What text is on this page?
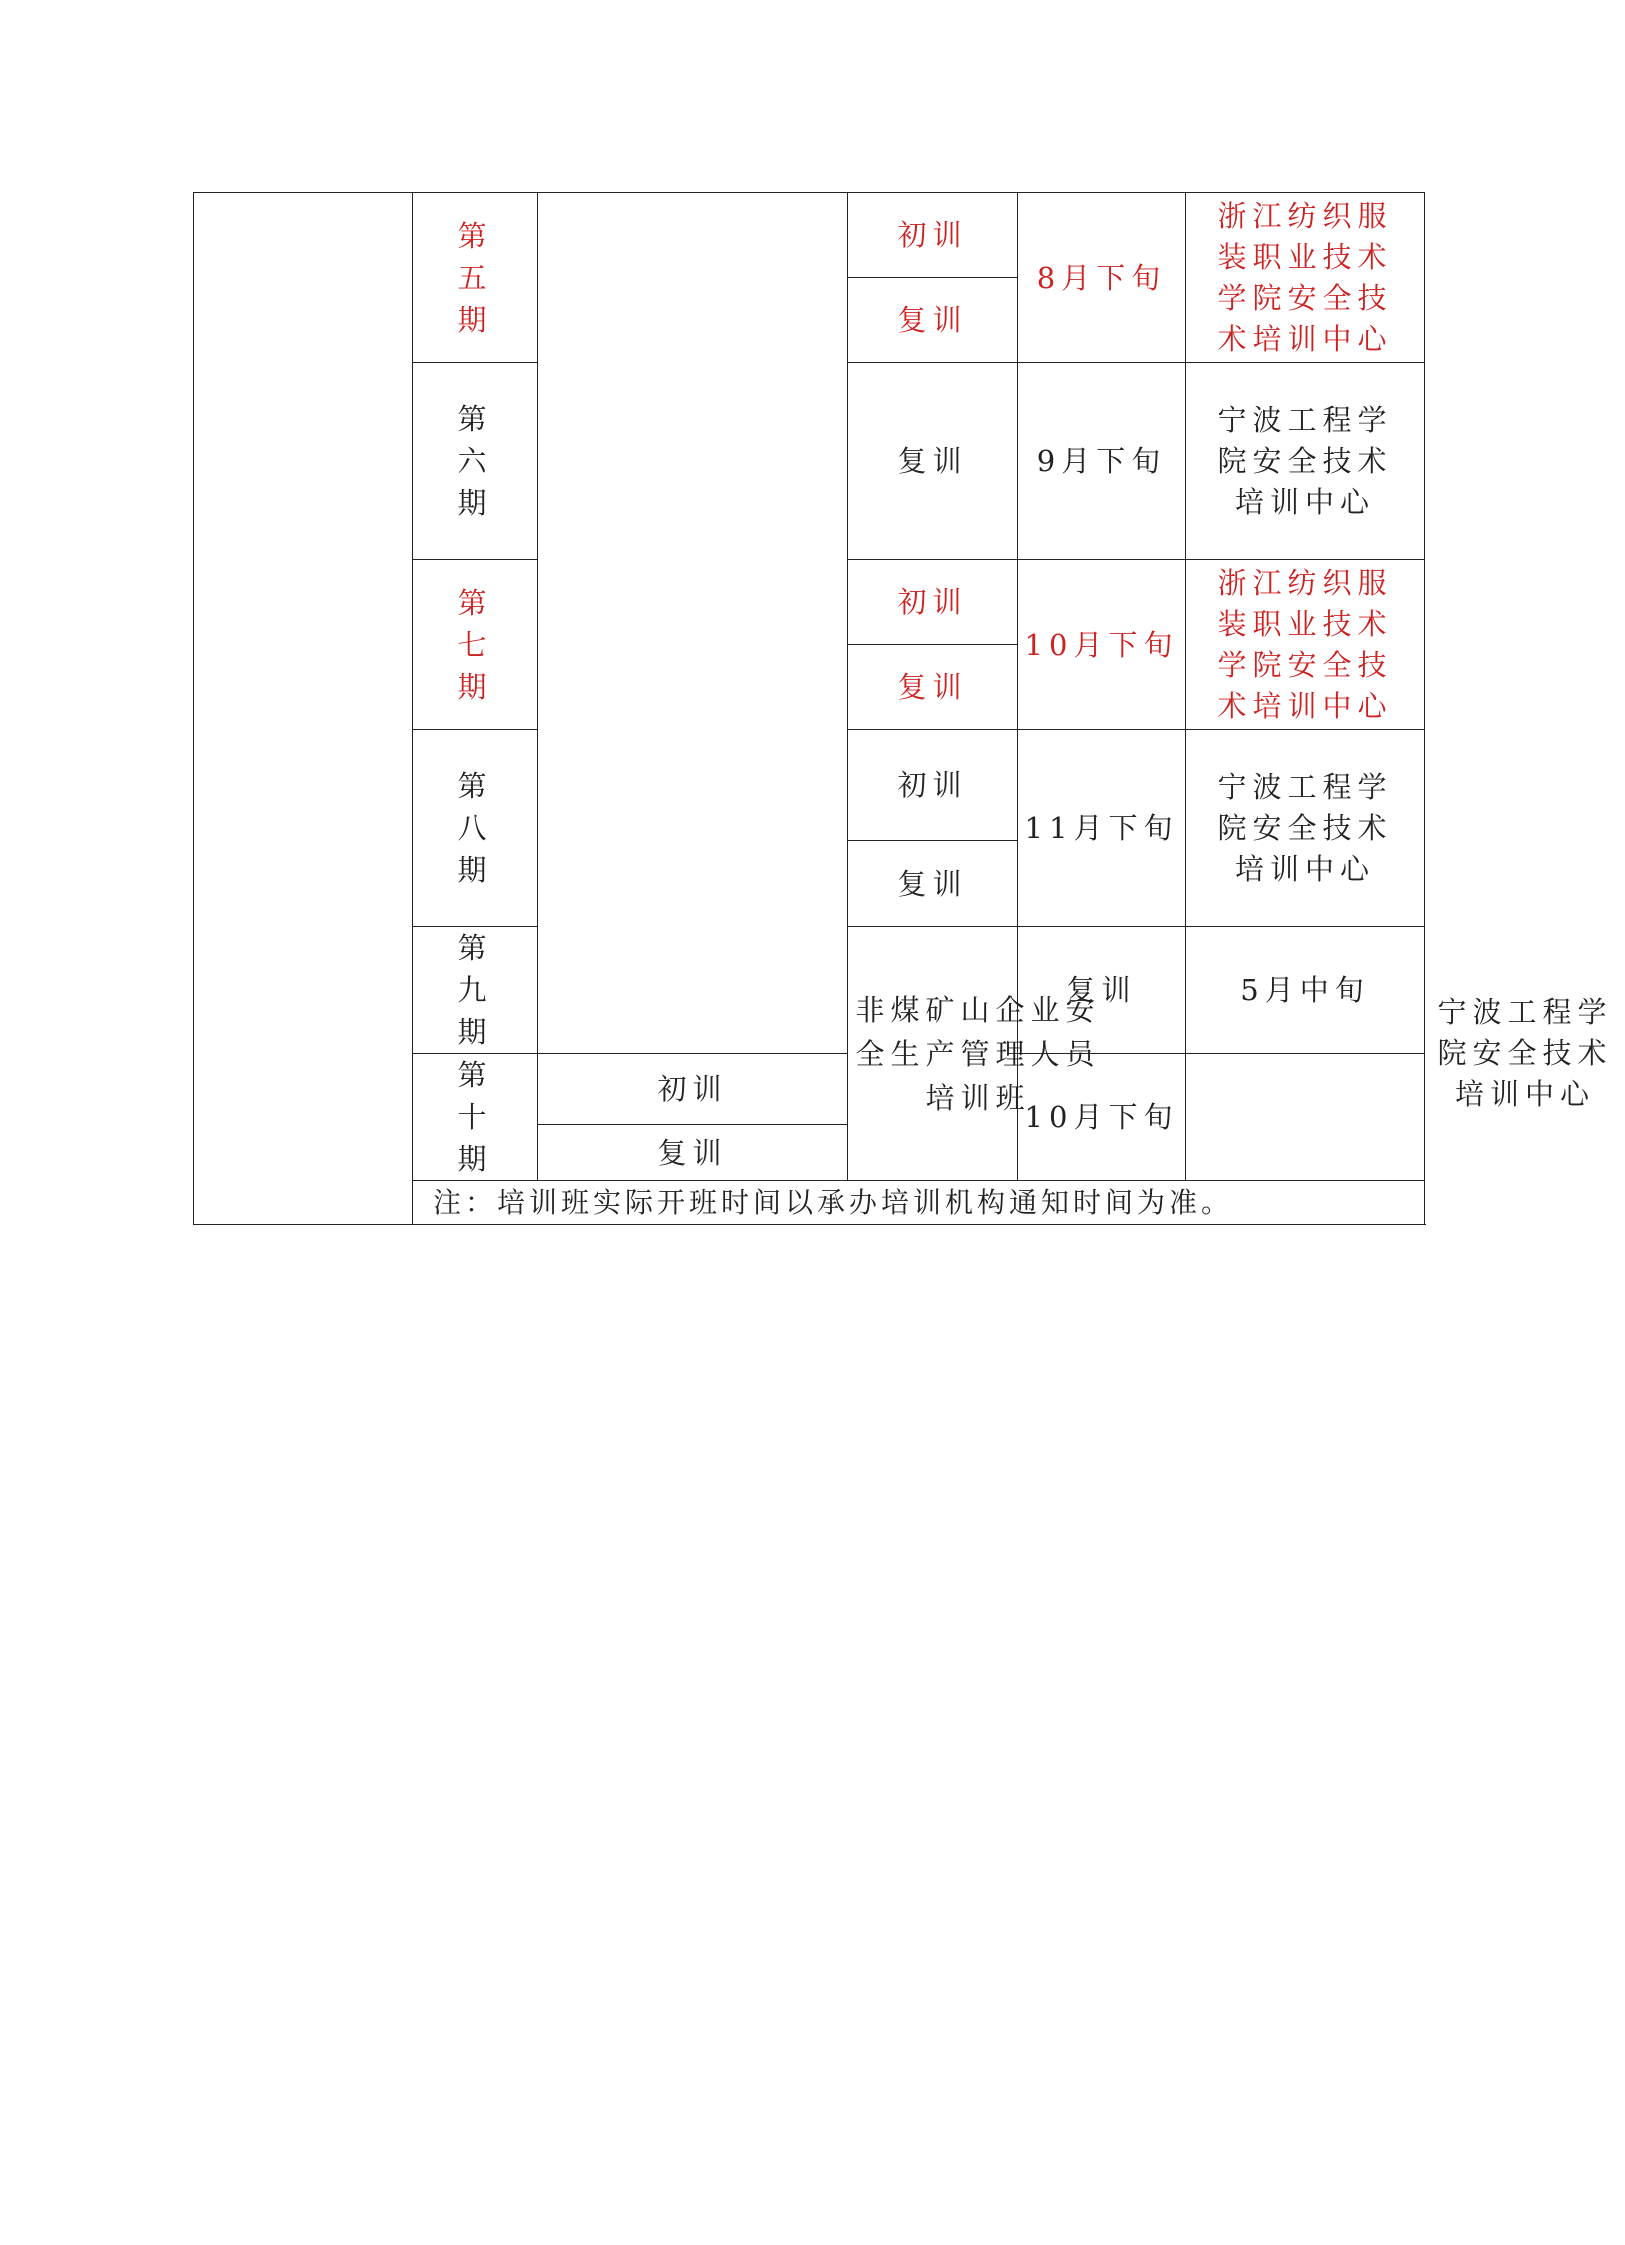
	第五期		初训	8月下旬	浙江纺织服装职业技术学院安全技术培训中心	
			复训			
	第六期		复训	9月下旬	宁波工程学院安全技术培训中心	
	第七期		初训	10月下旬	浙江纺织服装职业技术学院安全技术培训中心	
			复训			
	第八期		初训	11月下旬	宁波工程学院安全技术培训中心	
			复训			
	第九期		非煤矿山企业安全生产管理人员培训班	复训	5月中旬	宁波工程学院安全技术培训中心
	第十期	初训		10月下旬		
		复训				
	注：培训班实际开班时间以承办培训机构通知时间为准。					
